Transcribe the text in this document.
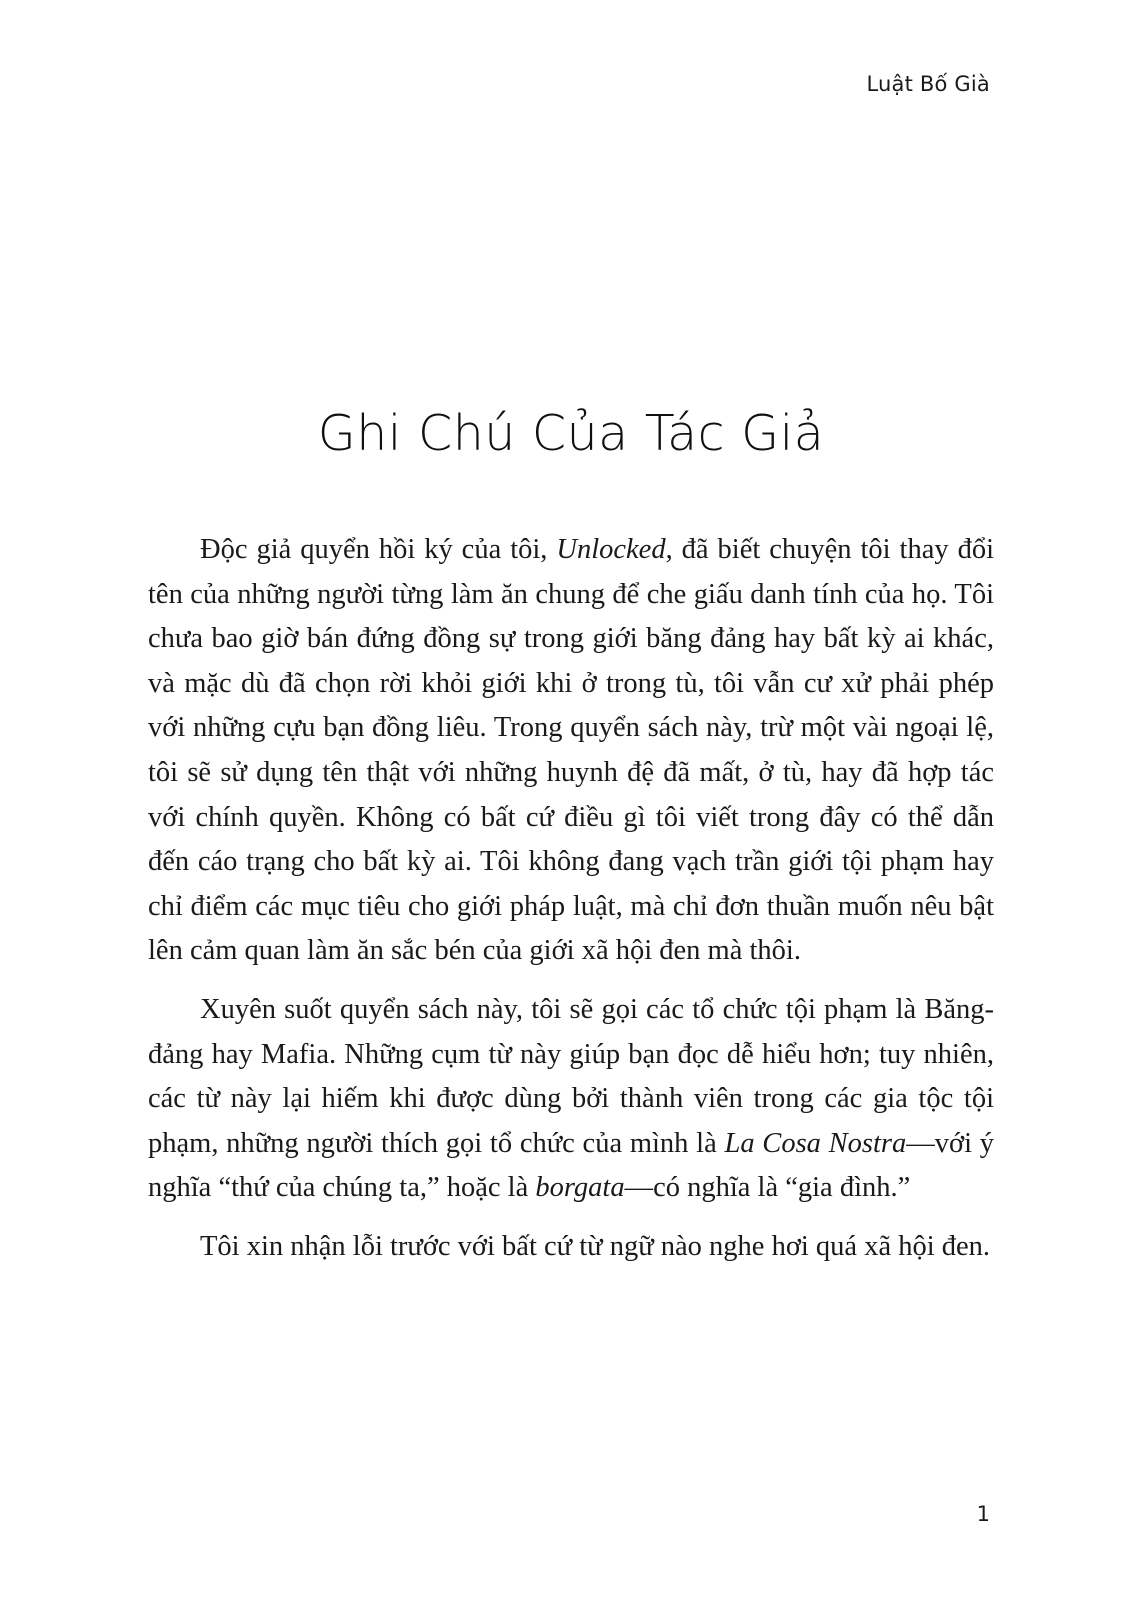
Luật Bố Già
Ghi Chú Của Tác Giả

Độc giả quyển hồi ký của tôi, Unlocked, đã biết chuyện tôi thay đổi tên của những người từng làm ăn chung để che giấu danh tính của họ. Tôi chưa bao giờ bán đứng đồng sự trong giới băng đảng hay bất kỳ ai khác, và mặc dù đã chọn rời khỏi giới khi ở trong tù, tôi vẫn cư xử phải phép với những cựu bạn đồng liêu. Trong quyển sách này, trừ một vài ngoại lệ, tôi sẽ sử dụng tên thật với những huynh đệ đã mất, ở tù, hay đã hợp tác với chính quyền. Không có bất cứ điều gì tôi viết trong đây có thể dẫn đến cáo trạng cho bất kỳ ai. Tôi không đang vạch trần giới tội phạm hay chỉ điểm các mục tiêu cho giới pháp luật, mà chỉ đơn thuần muốn nêu bật lên cảm quan làm ăn sắc bén của giới xã hội đen mà thôi.

Xuyên suốt quyển sách này, tôi sẽ gọi các tổ chức tội phạm là Băng-đảng hay Mafia. Những cụm từ này giúp bạn đọc dễ hiểu hơn; tuy nhiên, các từ này lại hiếm khi được dùng bởi thành viên trong các gia tộc tội phạm, những người thích gọi tổ chức của mình là La Cosa Nostra—với ý nghĩa “thứ của chúng ta,” hoặc là borgata—có nghĩa là “gia đình.”

Tôi xin nhận lỗi trước với bất cứ từ ngữ nào nghe hơi quá xã hội đen.

1
